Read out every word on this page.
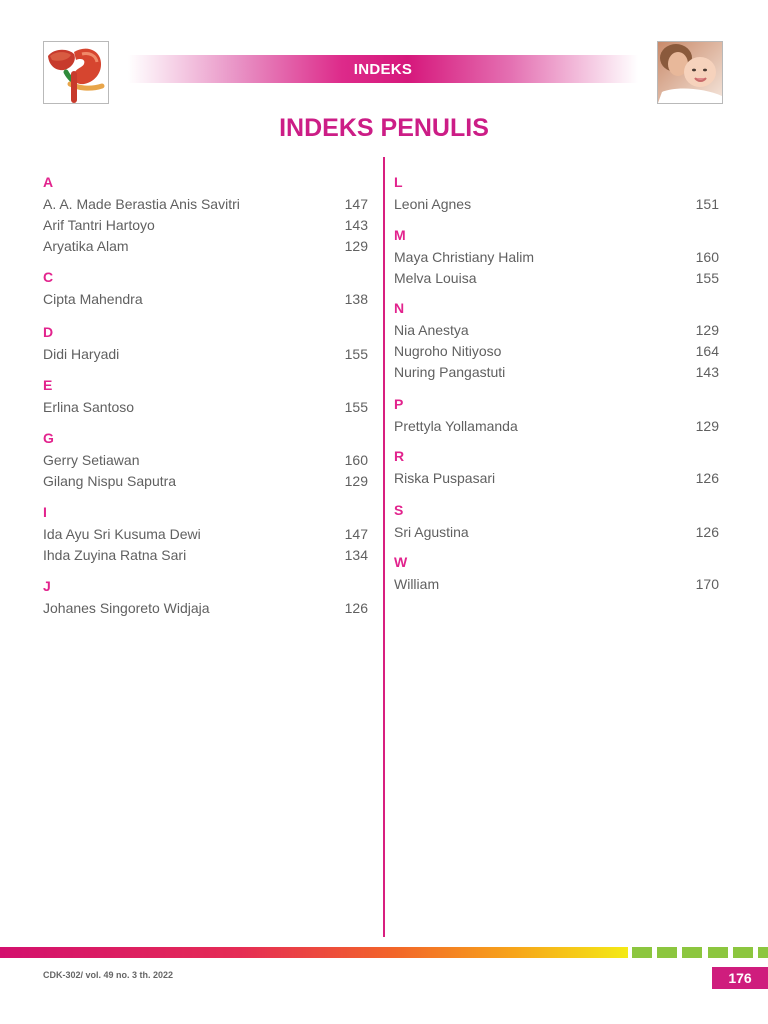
INDEKS
INDEKS PENULIS
A
A. A. Made Berastia Anis Savitri	147
Arif Tantri Hartoyo	143
Aryatika Alam	129
C
Cipta Mahendra	138
D
Didi Haryadi	155
E
Erlina Santoso	155
G
Gerry Setiawan	160
Gilang Nispu Saputra	129
I
Ida Ayu Sri Kusuma Dewi	147
Ihda Zuyina Ratna Sari	134
J
Johanes Singoreto Widjaja	126
L
Leoni Agnes	151
M
Maya Christiany Halim	160
Melva Louisa	155
N
Nia Anestya	129
Nugroho Nitiyoso	164
Nuring Pangastuti	143
P
Prettyla Yollamanda	129
R
Riska Puspasari	126
S
Sri Agustina	126
W
William	170
CDK-302/ vol. 49 no. 3 th. 2022	176
